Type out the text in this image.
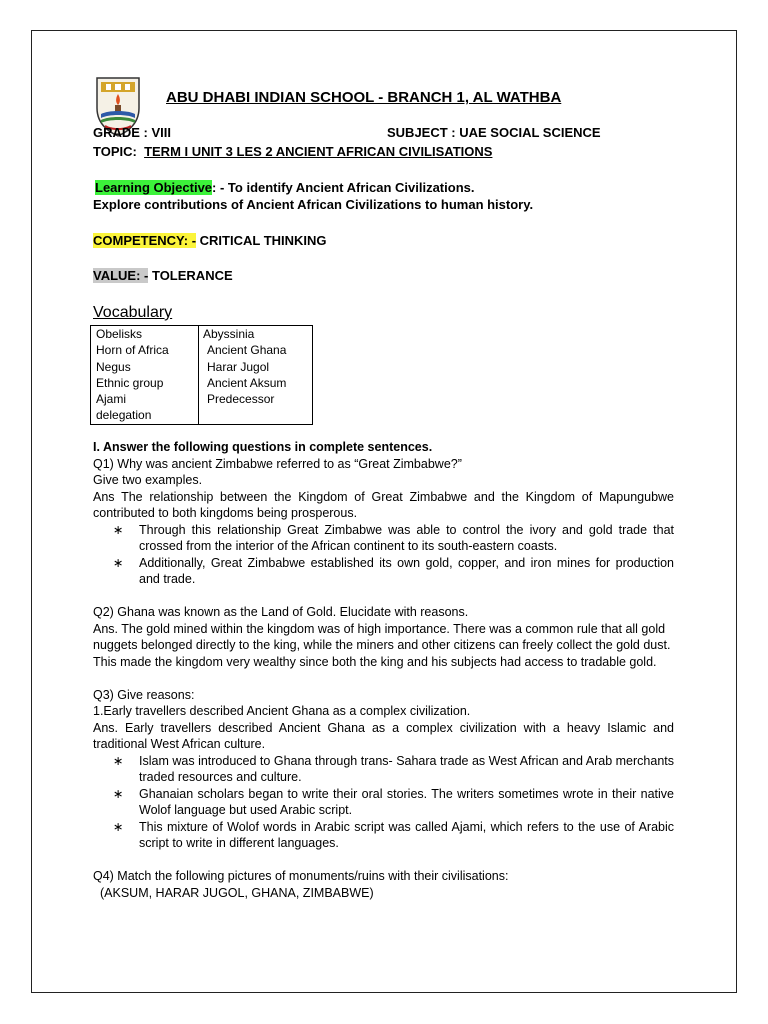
ABU DHABI INDIAN SCHOOL - BRANCH 1, AL WATHBA
GRADE : VIII	SUBJECT : UAE SOCIAL SCIENCE
TOPIC: TERM I UNIT 3 LES 2 ANCIENT AFRICAN CIVILISATIONS
Learning Objective: - To identify Ancient African Civilizations.
Explore contributions of Ancient African Civilizations to human history.
COMPETENCY: - CRITICAL THINKING
VALUE: - TOLERANCE
Vocabulary
Obelisks
Horn of Africa
Negus
Ethnic group
Ajami
delegation
Abyssinia
Ancient Ghana
Harar Jugol
Ancient Aksum
Predecessor

I. Answer the following questions in complete sentences.

Q1) Why was ancient Zimbabwe referred to as “Great Zimbabwe?”

Give two examples.

Ans The relationship between the Kingdom of Great Zimbabwe and the Kingdom of Mapungubwe contributed to both kingdoms being prosperous.

∗ Through this relationship Great Zimbabwe was able to control the ivory and gold trade that crossed from the interior of the African continent to its south-eastern coasts.
∗ Additionally, Great Zimbabwe established its own gold, copper, and iron mines for production and trade.

Q2) Ghana was known as the Land of Gold. Elucidate with reasons.

Ans. The gold mined within the kingdom was of high importance. There was a common rule that all gold nuggets belonged directly to the king, while the miners and other citizens can freely collect the gold dust. This made the kingdom very wealthy since both the king and his subjects had access to tradable gold.

Q3) Give reasons:

1.Early travellers described Ancient Ghana as a complex civilization.

Ans. Early travellers described Ancient Ghana as a complex civilization with a heavy Islamic and traditional West African culture.

∗ Islam was introduced to Ghana through trans- Sahara trade as West African and Arab merchants traded resources and culture.
∗ Ghanaian scholars began to write their oral stories. The writers sometimes wrote in their native Wolof language but used Arabic script.
∗ This mixture of Wolof words in Arabic script was called Ajami, which refers to the use of Arabic script to write in different languages.

Q4) Match the following pictures of monuments/ruins with their civilisations:

(AKSUM, HARAR JUGOL, GHANA, ZIMBABWE)
